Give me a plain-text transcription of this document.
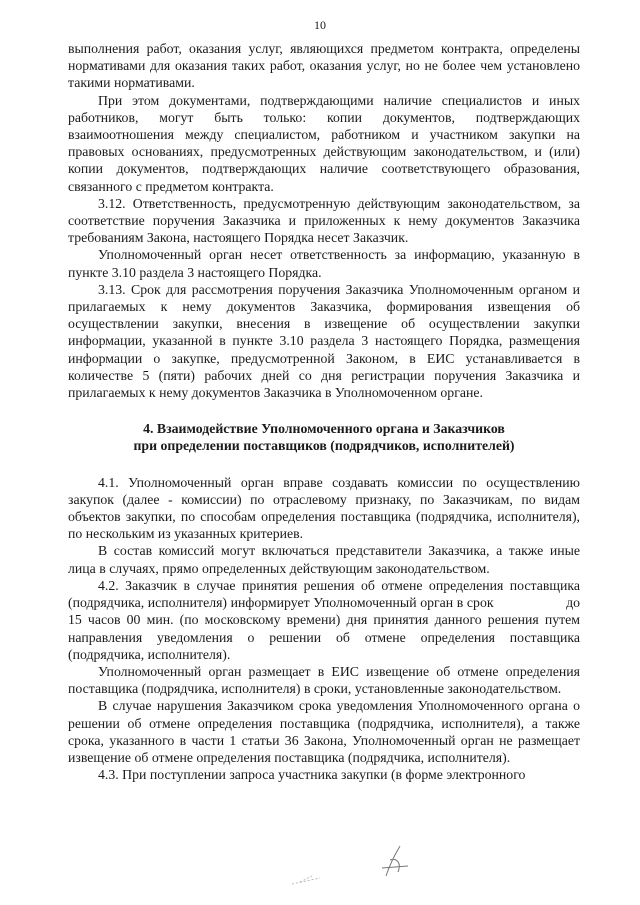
10

выполнения работ, оказания услуг, являющихся предметом контракта, определены нормативами для оказания таких работ, оказания услуг, но не более чем установлено такими нормативами.

При этом документами, подтверждающими наличие специалистов и иных работников, могут быть только: копии документов, подтверждающих взаимоотношения между специалистом, работником и участником закупки на правовых основаниях, предусмотренных действующим законодательством, и (или) копии документов, подтверждающих наличие соответствующего образования, связанного с предметом контракта.

3.12. Ответственность, предусмотренную действующим законодательством, за соответствие поручения Заказчика и приложенных к нему документов Заказчика требованиям Закона, настоящего Порядка несет Заказчик.

Уполномоченный орган несет ответственность за информацию, указанную в пункте 3.10 раздела 3 настоящего Порядка.

3.13. Срок для рассмотрения поручения Заказчика Уполномоченным органом и прилагаемых к нему документов Заказчика, формирования извещения об осуществлении закупки, внесения в извещение об осуществлении закупки информации, указанной в пункте 3.10 раздела 3 настоящего Порядка, размещения информации о закупке, предусмотренной Законом, в ЕИС устанавливается в количестве 5 (пяти) рабочих дней со дня регистрации поручения Заказчика и прилагаемых к нему документов Заказчика в Уполномоченном органе.

4. Взаимодействие Уполномоченного органа и Заказчиков

при определении поставщиков (подрядчиков, исполнителей)

4.1. Уполномоченный орган вправе создавать комиссии по осуществлению закупок (далее - комиссии) по отраслевому признаку, по Заказчикам, по видам объектов закупки, по способам определения поставщика (подрядчика, исполнителя), по нескольким из указанных критериев.

В состав комиссий могут включаться представители Заказчика, а также иные лица в случаях, прямо определенных действующим законодательством.

4.2. Заказчик в случае принятия решения об отмене определения поставщика (подрядчика, исполнителя) информирует Уполномоченный орган в срок                    до 15 часов 00 мин. (по московскому времени) дня принятия данного решения путем направления уведомления о решении об отмене определения поставщика (подрядчика, исполнителя).

Уполномоченный орган размещает в ЕИС извещение об отмене определения поставщика (подрядчика, исполнителя) в сроки, установленные законодательством.

В случае нарушения Заказчиком срока уведомления Уполномоченного органа о решении об отмене определения поставщика (подрядчика, исполнителя), а также срока, указанного в части 1 статьи 36 Закона, Уполномоченный орган не размещает извещение об отмене определения поставщика (подрядчика, исполнителя).

4.3. При поступлении запроса участника закупки (в форме электронного
